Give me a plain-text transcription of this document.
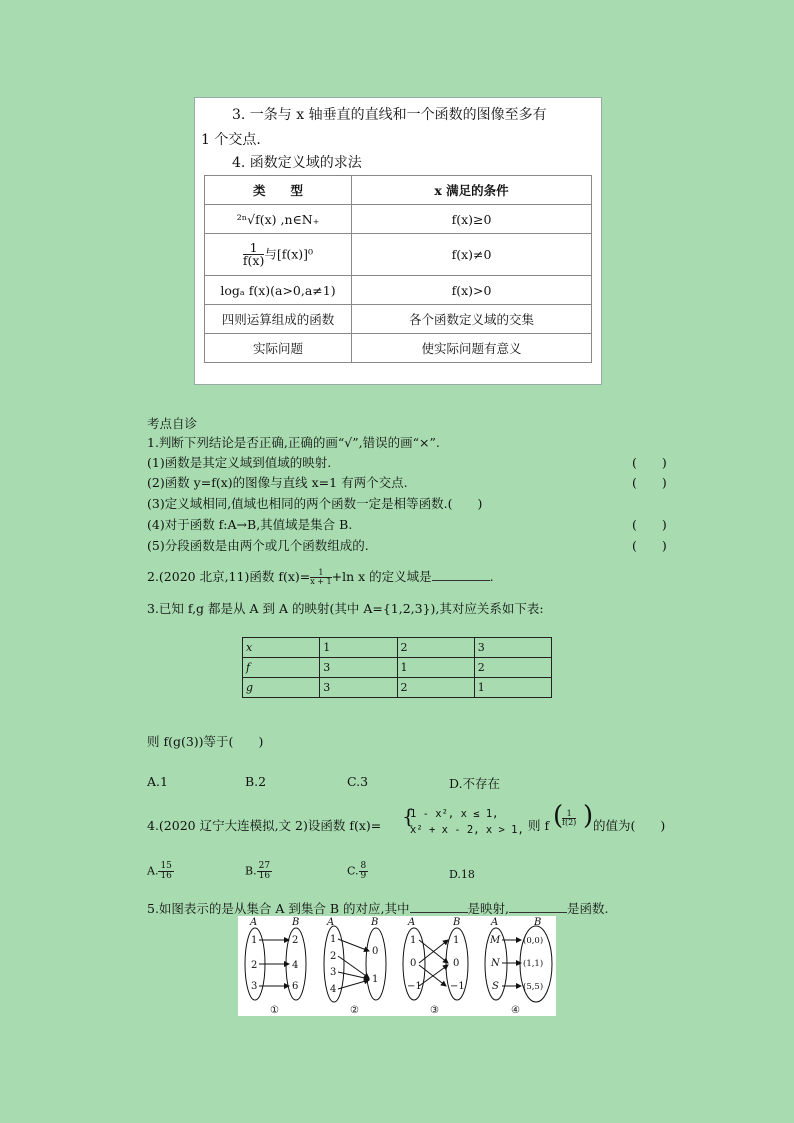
3. 一条与 x 轴垂直的直线和一个函数的图像至多有
1 个交点.
4. 函数定义域的求法
类　　型	x 满足的条件
²ⁿ√f(x) ,n∈N₊	f(x)≥0

$\frac{1}{f(x)}$ 与[f(x)]⁰	f(x)≠0
logₐ f(x)(a>0,a≠1)	f(x)>0
四则运算组成的函数	各个函数定义域的交集
实际问题	使实际问题有意义
考点自诊
1.判断下列结论是否正确,正确的画“√”,错误的画“×”.
(1)函数是其定义域到值域的映射.	(　　)
(2)函数 y=f(x)的图像与直线 x=1 有两个交点.	(　　)
(3)定义域相同,值域也相同的两个函数一定是相等函数.(　　)
(4)对于函数 f:A→B,其值域是集合 B.	(　　)
(5)分段函数是由两个或几个函数组成的.	(　　)
2.(2020 北京,11)函数 $f(x)= \frac{1}{x + 1} +\ln$ x 的定义域是	.
3.已知 f,g 都是从 A 到 A 的映射(其中 A={1,2,3}),其对应关系如下表:
x	1	2	3
f	3	1	2
g	3	2	1
则 f(g(3))等于(　　)
A.1	B.2	C.3	D.不存在
4.(2020 辽宁大连模拟,文 2)设函数 f(x)= {
1 - x², x ≤ 1,
x² + x - 2, x > 1, 则 f (
$\frac{1}{f(2)}$ ) 的值为(　　)
A. $\frac{15}{16}$	B. $\frac{27}{16}$	C. $\frac{8}{9}$	D.18
5.如图表示的是从集合 A 到集合 B 的对应,其中	是映射,	是函数.
A	B
1
2
3
2
4
6
①
A	B
1
2
3
4
0
1
②
A	B
1
0
−1
1
0
−1
③
A	B
M
N
S
(0,0)
(1,1)
(5,5)
④
